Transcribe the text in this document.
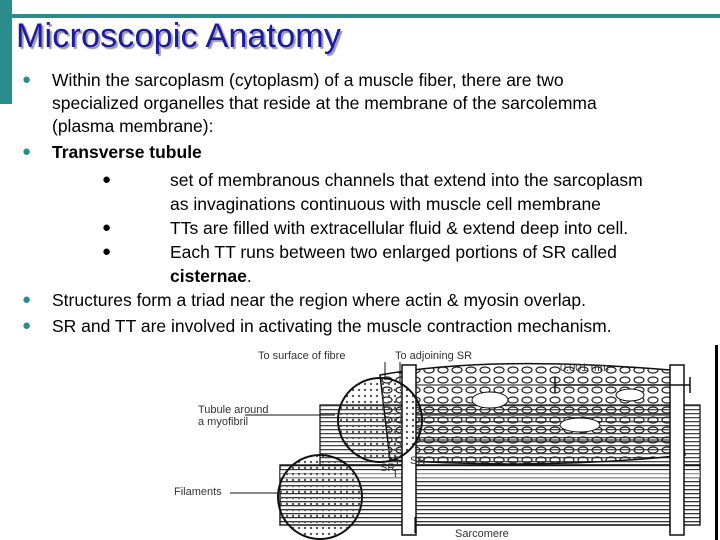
Microscopic Anatomy
● Within the sarcoplasm (cytoplasm) of a muscle fiber, there are two
specialized organelles that reside at the membrane of the sarcolemma
(plasma membrane):
● Transverse tubule
●	set of membranous channels that extend into the sarcoplasm
as invaginations continuous with muscle cell membrane
●	TTs are filled with extracellular fluid & extend deep into cell.
●	Each TT runs between two enlarged portions of SR called
cisternae.
● Structures form a triad near the region where actin & myosin overlap.
● SR and TT are involved in activating the muscle contraction mechanism.
To surface of fibre	To adjoining SR
0.001 mm
Tubule around
a myofibril
T SR
SR
T
Filaments
Sarcomere
